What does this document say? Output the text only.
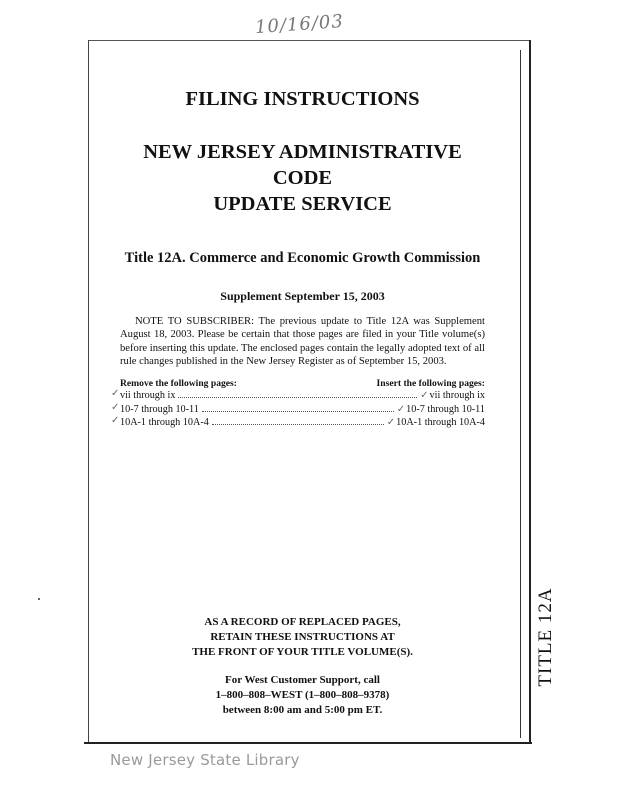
10/16/03
TITLE 12A
FILING INSTRUCTIONS
NEW JERSEY ADMINISTRATIVE CODE
UPDATE SERVICE
Title 12A. Commerce and Economic Growth Commission
Supplement September 15, 2003
NOTE TO SUBSCRIBER: The previous update to Title 12A was Supplement August 18, 2003. Please be certain that those pages are filed in your Title volume(s) before inserting this update. The enclosed pages contain the legally adopted text of all rule changes published in the New Jersey Register as of September 15, 2003.
Remove the following pages:	Insert the following pages:
✓ vii through ix	✓ vii through ix
✓ 10-7 through 10-11	✓ 10-7 through 10-11
✓ 10A-1 through 10A-4	✓ 10A-1 through 10A-4
AS A RECORD OF REPLACED PAGES,
RETAIN THESE INSTRUCTIONS AT
THE FRONT OF YOUR TITLE VOLUME(S).
For West Customer Support, call
1–800–808–WEST (1–800–808–9378)
between 8:00 am and 5:00 pm ET.
New Jersey State Library
